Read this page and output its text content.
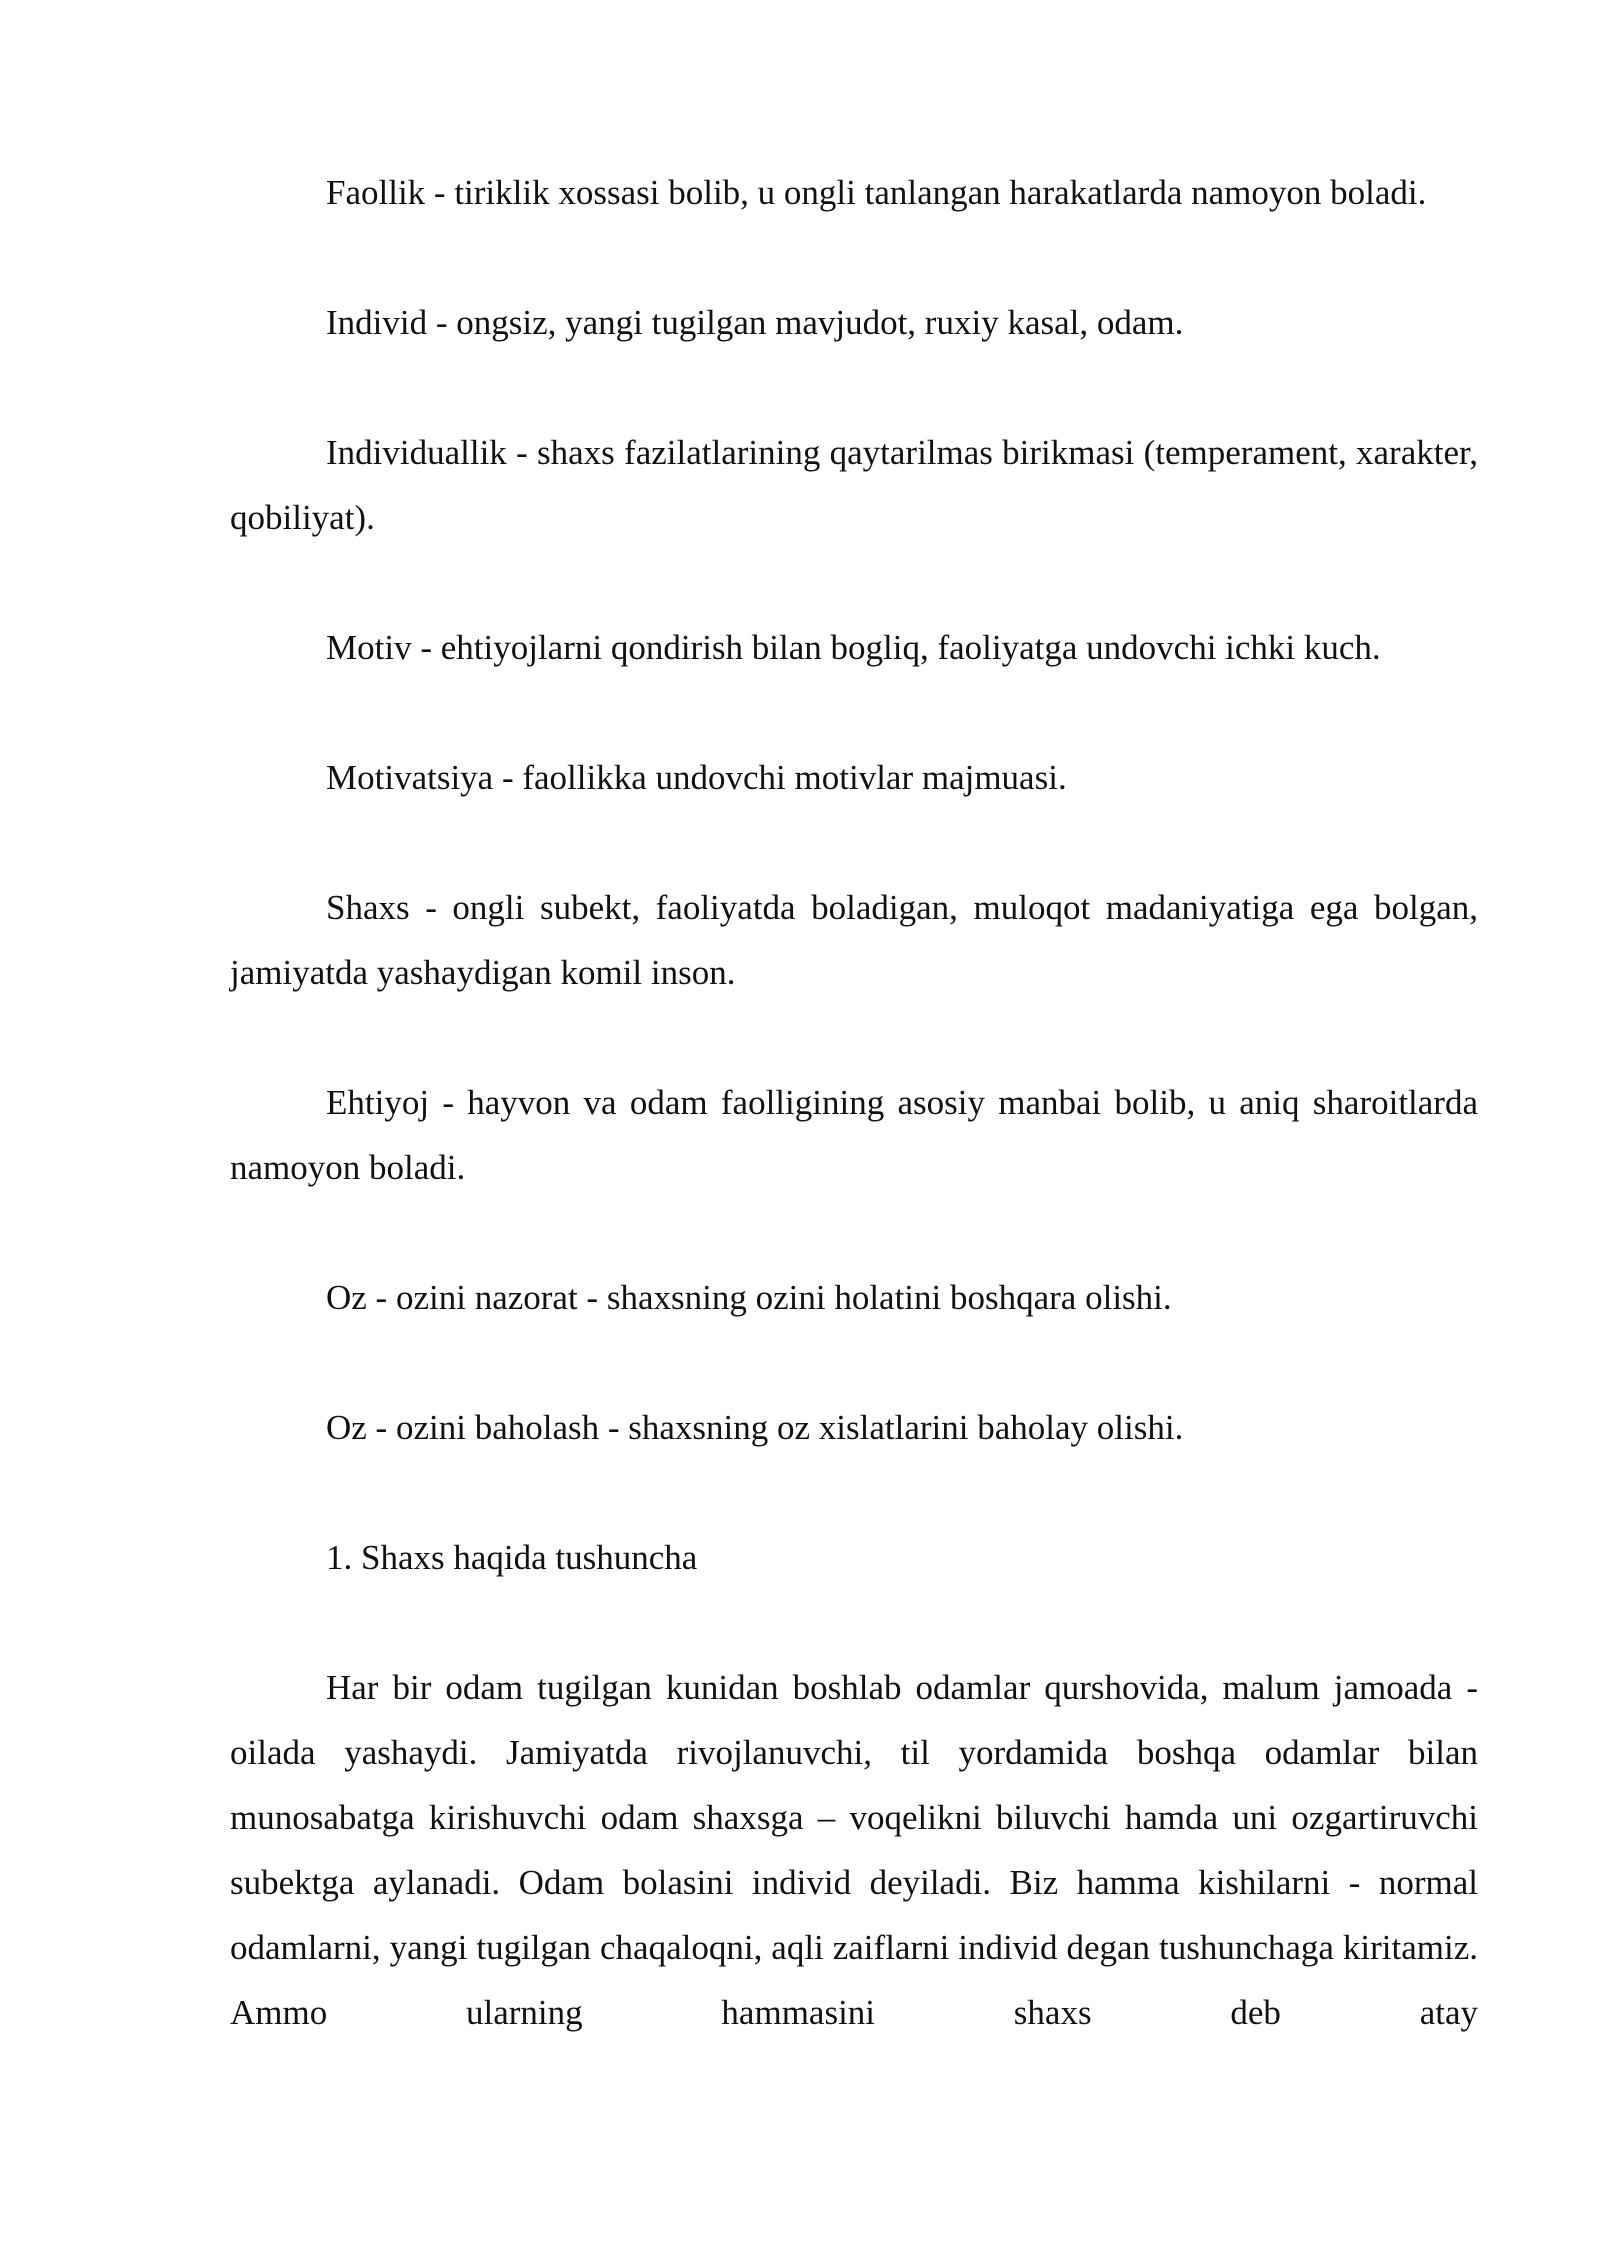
Faollik - tiriklik xossasi bolib, u ongli tanlangan harakatlarda namoyon boladi.

Individ - ongsiz, yangi tugilgan mavjudot, ruxiy kasal, odam.

Individuallik - shaxs fazilatlarining qaytarilmas birikmasi (temperament, xarakter, qobiliyat).

Motiv - ehtiyojlarni qondirish bilan bogliq, faoliyatga undovchi ichki kuch.

Motivatsiya - faollikka undovchi motivlar majmuasi.

Shaxs - ongli subekt, faoliyatda boladigan, muloqot madaniyatiga ega bolgan, jamiyatda yashaydigan komil inson.

Ehtiyoj - hayvon va odam faolligining asosiy manbai bolib, u aniq sharoitlarda namoyon boladi.

Oz - ozini nazorat - shaxsning ozini holatini boshqara olishi.

Oz - ozini baholash - shaxsning oz xislatlarini baholay olishi.

1. Shaxs haqida tushuncha

Har bir odam tugilgan kunidan boshlab odamlar qurshovida, malum jamoada - oilada yashaydi. Jamiyatda rivojlanuvchi, til yordamida boshqa odamlar bilan munosabatga kirishuvchi odam shaxsga – voqelikni biluvchi hamda uni ozgartiruvchi subektga aylanadi. Odam bolasini individ deyiladi. Biz hamma kishilarni - normal odamlarni, yangi tugilgan chaqaloqni, aqli zaiflarni individ degan tushunchaga kiritamiz. Ammo ularning hammasini shaxs deb atay
